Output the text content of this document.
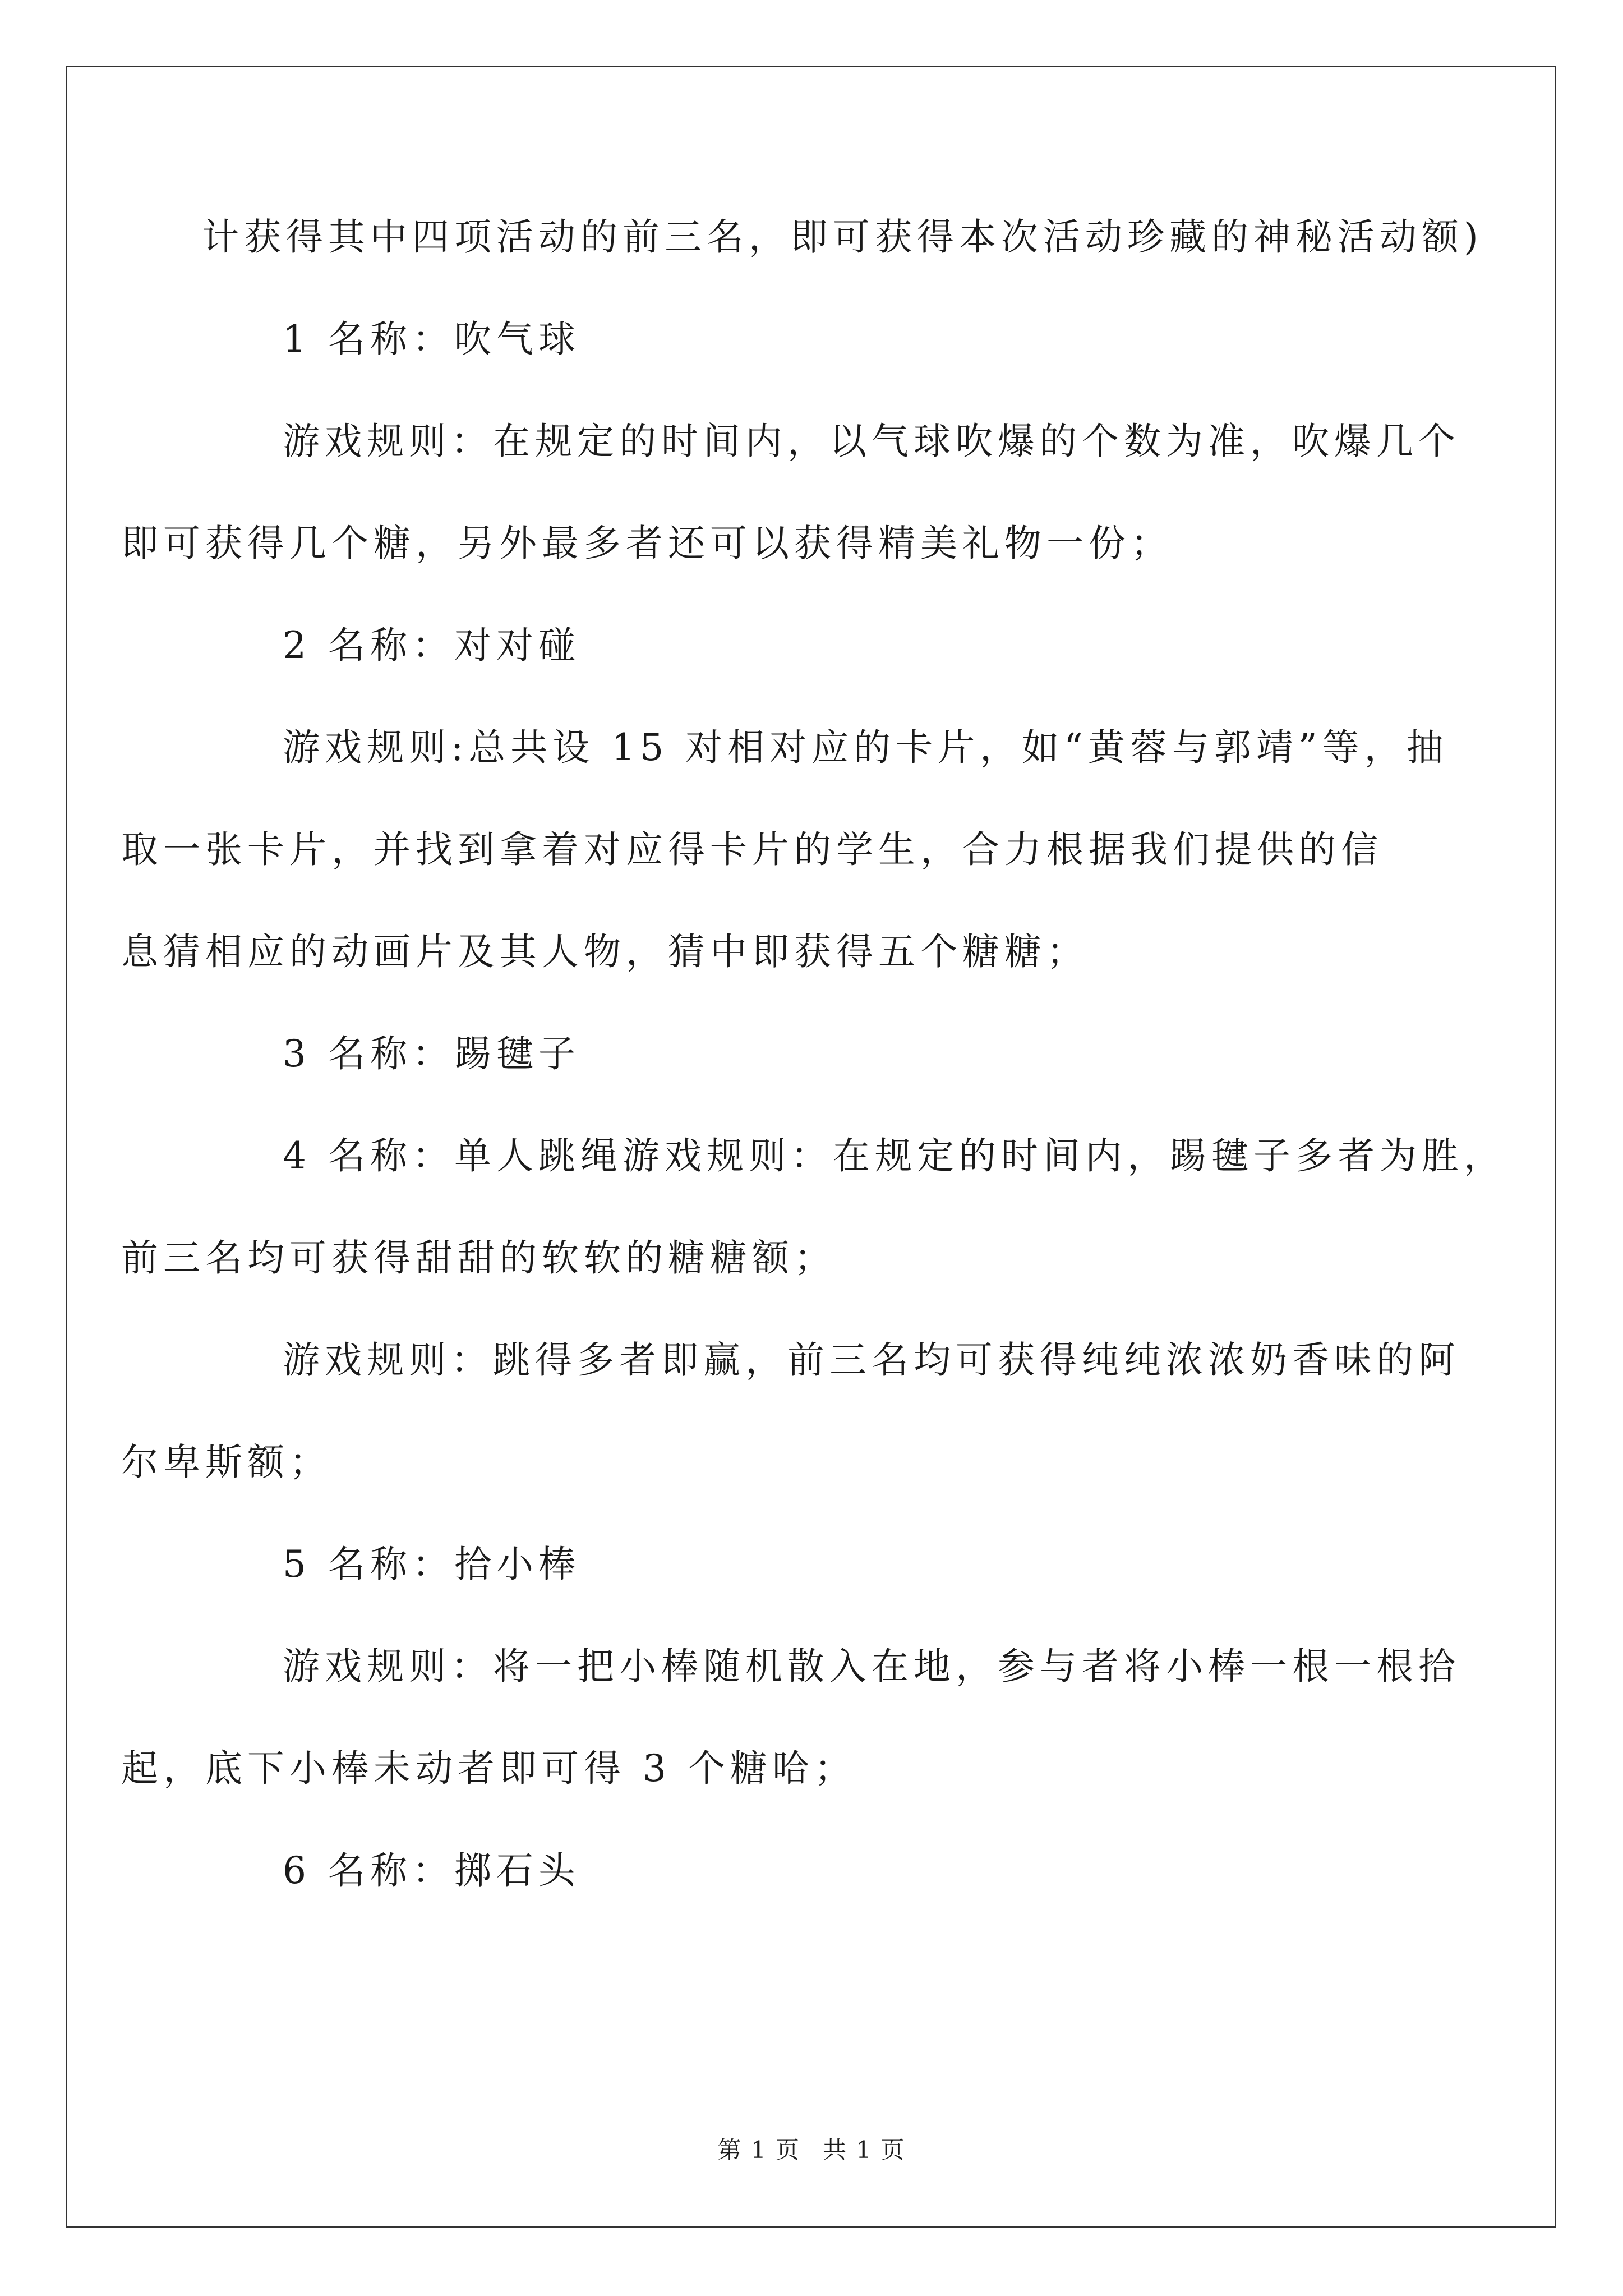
计获得其中四项活动的前三名，即可获得本次活动珍藏的神秘活动额)

1 名称：吹气球

游戏规则：在规定的时间内，以气球吹爆的个数为准，吹爆几个
即可获得几个糖，另外最多者还可以获得精美礼物一份；

2 名称：对对碰

游戏规则:总共设 15 对相对应的卡片，如“黄蓉与郭靖”等，抽
取一张卡片，并找到拿着对应得卡片的学生，合力根据我们提供的信
息猜相应的动画片及其人物，猜中即获得五个糖糖；

3 名称：踢毽子

4 名称：单人跳绳游戏规则：在规定的时间内，踢毽子多者为胜，
前三名均可获得甜甜的软软的糖糖额；

游戏规则：跳得多者即赢，前三名均可获得纯纯浓浓奶香味的阿
尔卑斯额；

5 名称：拾小棒

游戏规则：将一把小棒随机散入在地，参与者将小棒一根一根拾
起，底下小棒未动者即可得 3 个糖哈；

6 名称：掷石头

第 1 页 共 1 页
